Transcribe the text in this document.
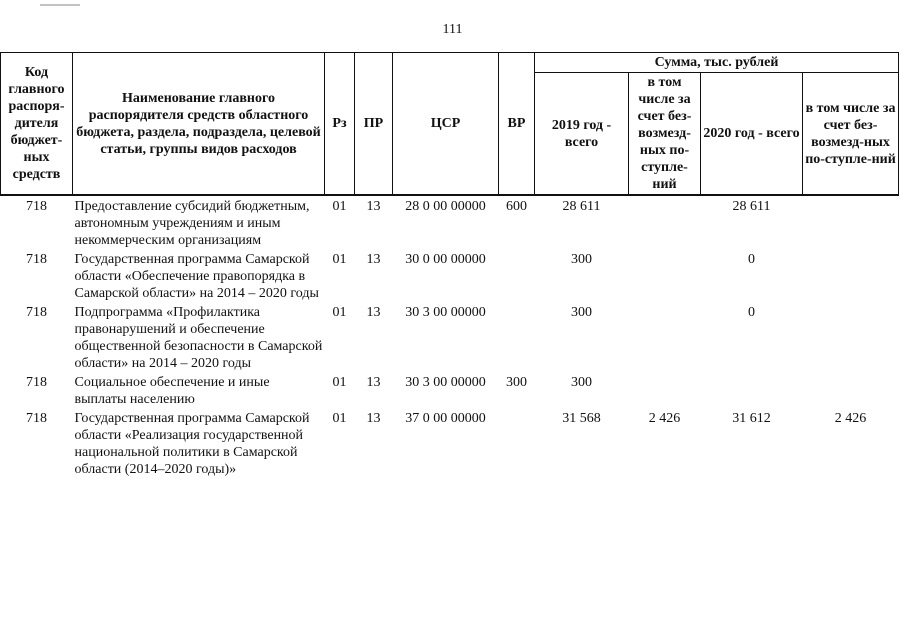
111
Код главного распоря-дителя бюджет-ных средств	Наименование главного распорядителя средств областного бюджета, раздела, подраздела, целевой статьи, группы видов расходов	Рз	ПР	ЦСР	ВР	Сумма, тыс. рублей			
						2019 год - всего	в том числе за счет без-возмезд-ных по-ступле-ний	2020 год - всего	в том числе за счет без-возмезд-ных по-ступле-ний
718	Предоставление субсидий бюджетным, автономным учреждениям и иным некоммерческим организациям	01	13	28 0 00 00000	600	28 611		28 611	
718	Государственная программа Самарской области «Обеспечение правопорядка в Самарской области» на 2014 – 2020 годы	01	13	30 0 00 00000		300		0	
718	Подпрограмма «Профилактика правонарушений и обеспечение общественной безопасности в Самарской области» на 2014 – 2020 годы	01	13	30 3 00 00000		300		0	
718	Социальное обеспечение и иные выплаты населению	01	13	30 3 00 00000	300	300			
718	Государственная программа Самарской области «Реализация государственной национальной политики в Самарской области (2014–2020 годы)»	01	13	37 0 00 00000		31 568	2 426	31 612	2 426
